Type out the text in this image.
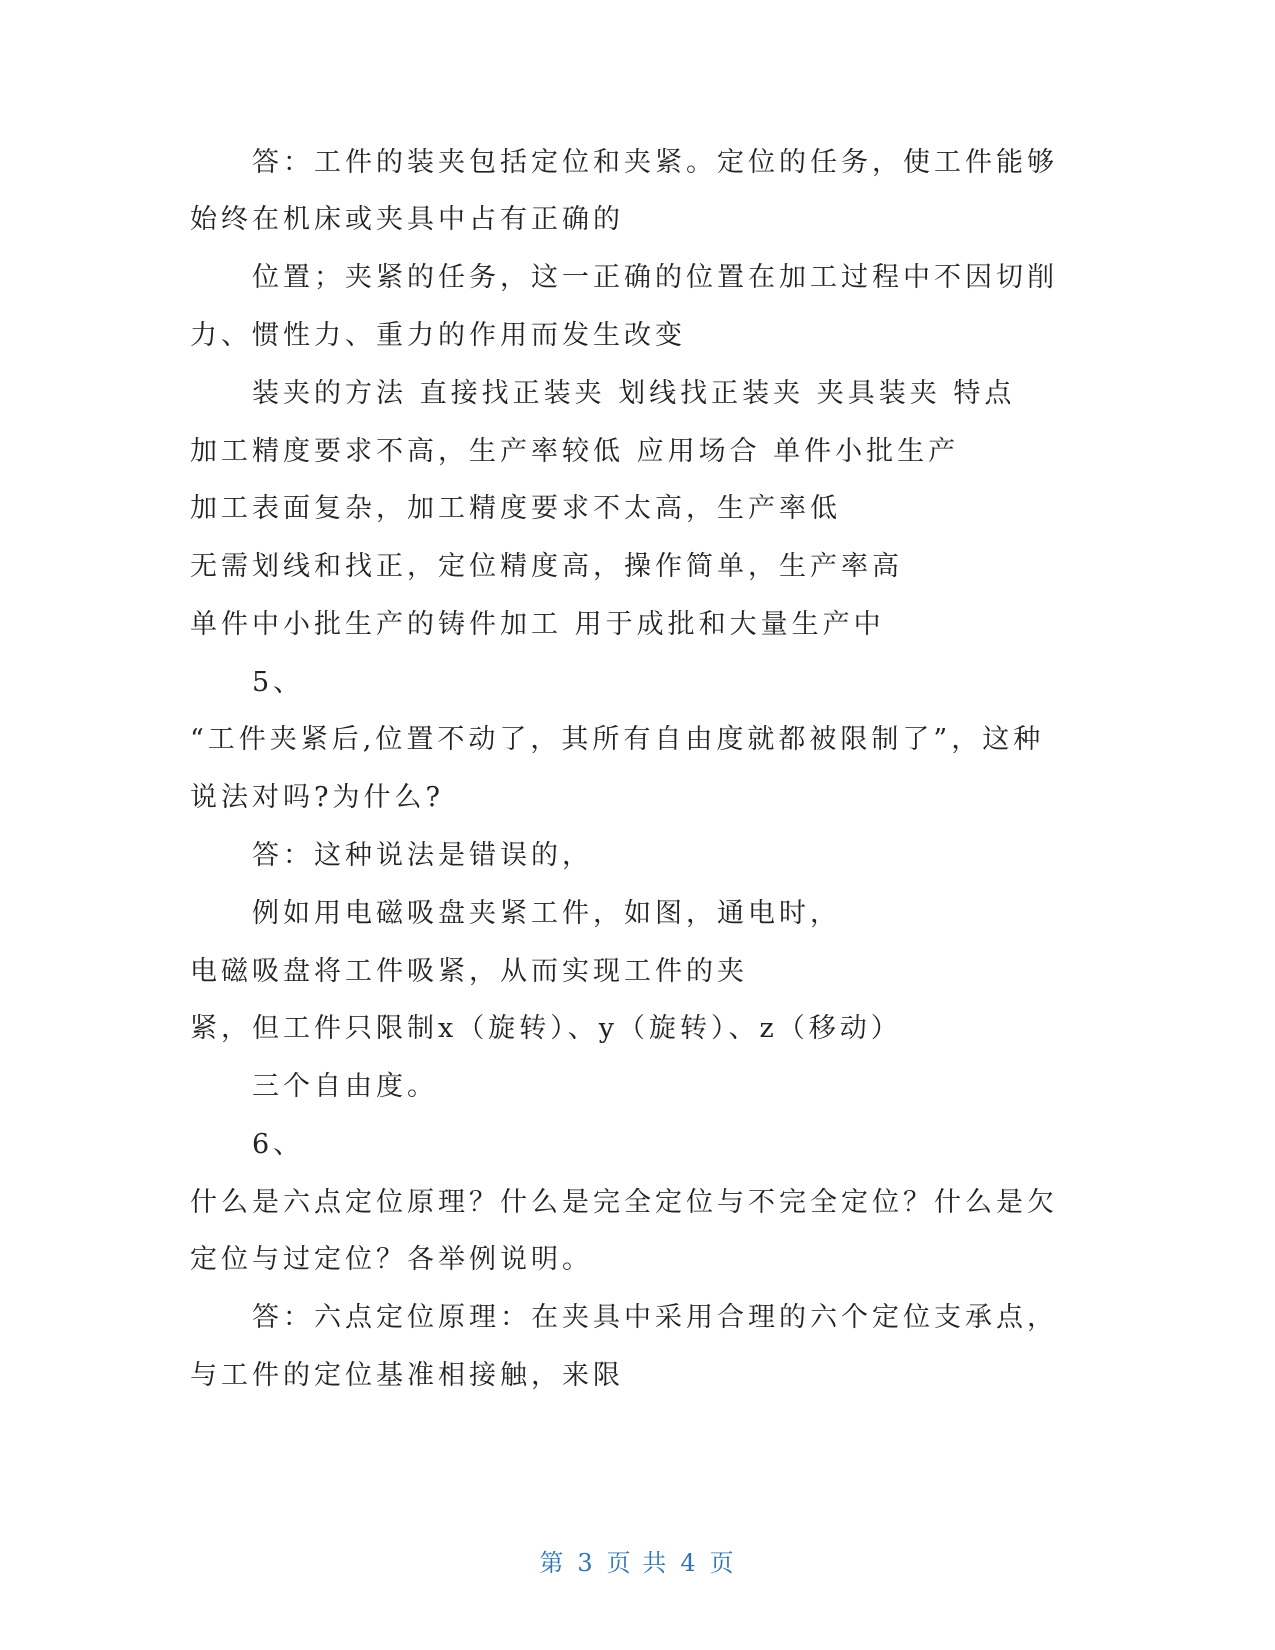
答：工件的装夹包括定位和夹紧。定位的任务，使工件能够
始终在机床或夹具中占有正确的
位置；夹紧的任务，这一正确的位置在加工过程中不因切削
力、惯性力、重力的作用而发生改变
装夹的方法 直接找正装夹 划线找正装夹 夹具装夹 特点
加工精度要求不高，生产率较低 应用场合 单件小批生产
加工表面复杂，加工精度要求不太高，生产率低
无需划线和找正，定位精度高，操作简单，生产率高
单件中小批生产的铸件加工 用于成批和大量生产中
5、
“工件夹紧后,位置不动了，其所有自由度就都被限制了”，这种
说法对吗?为什么?
答：这种说法是错误的，
例如用电磁吸盘夹紧工件，如图，通电时，
电磁吸盘将工件吸紧，从而实现工件的夹
紧，但工件只限制x（旋转）、y（旋转）、z（移动）
三个自由度。
6、
什么是六点定位原理？什么是完全定位与不完全定位？什么是欠
定位与过定位？各举例说明。
答：六点定位原理：在夹具中采用合理的六个定位支承点，
与工件的定位基准相接触，来限
第 3 页 共 4 页
